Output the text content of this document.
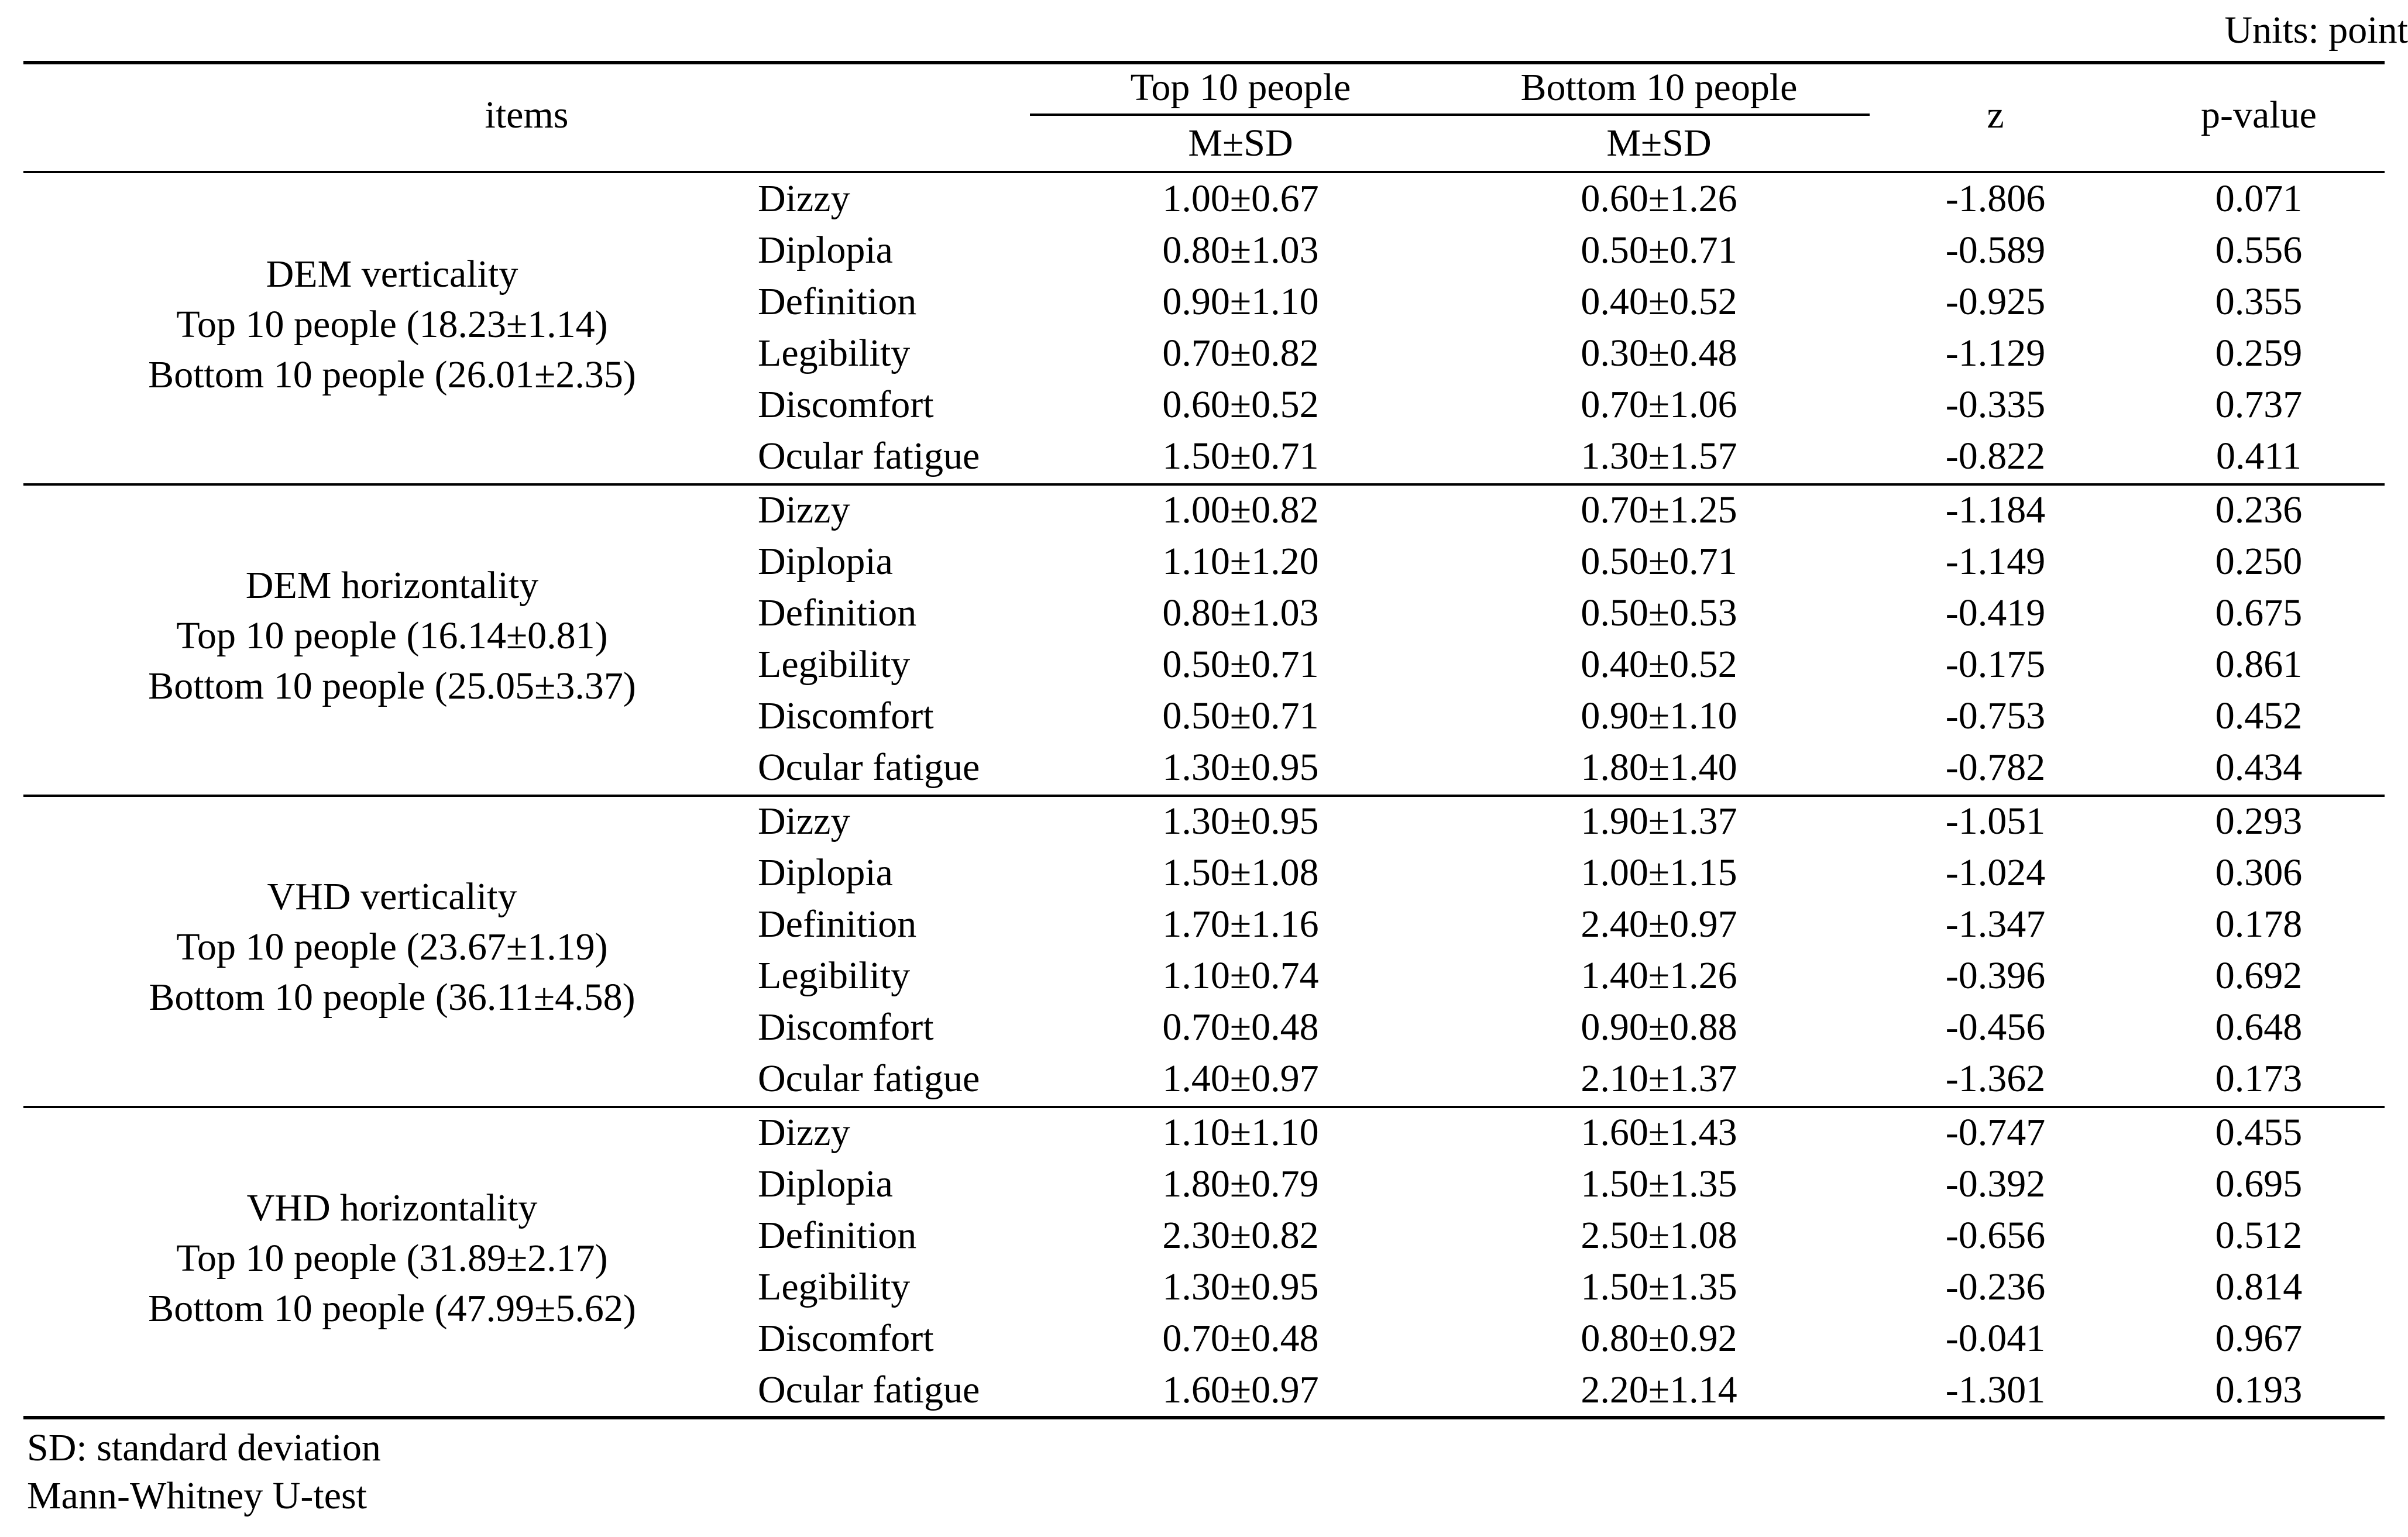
Units: point
items
Top 10 people	Bottom 10 people
M±SD	M±SD
z	p-value
DEM verticality
Top 10 people (18.23±1.14)
Bottom 10 people (26.01±2.35)
Dizzy	1.00±0.67	0.60±1.26	-1.806	0.071
Diplopia	0.80±1.03	0.50±0.71	-0.589	0.556
Definition	0.90±1.10	0.40±0.52	-0.925	0.355
Legibility	0.70±0.82	0.30±0.48	-1.129	0.259
Discomfort	0.60±0.52	0.70±1.06	-0.335	0.737
Ocular fatigue	1.50±0.71	1.30±1.57	-0.822	0.411
DEM horizontality
Top 10 people (16.14±0.81)
Bottom 10 people (25.05±3.37)
Dizzy	1.00±0.82	0.70±1.25	-1.184	0.236
Diplopia	1.10±1.20	0.50±0.71	-1.149	0.250
Definition	0.80±1.03	0.50±0.53	-0.419	0.675
Legibility	0.50±0.71	0.40±0.52	-0.175	0.861
Discomfort	0.50±0.71	0.90±1.10	-0.753	0.452
Ocular fatigue	1.30±0.95	1.80±1.40	-0.782	0.434
VHD verticality
Top 10 people (23.67±1.19)
Bottom 10 people (36.11±4.58)
Dizzy	1.30±0.95	1.90±1.37	-1.051	0.293
Diplopia	1.50±1.08	1.00±1.15	-1.024	0.306
Definition	1.70±1.16	2.40±0.97	-1.347	0.178
Legibility	1.10±0.74	1.40±1.26	-0.396	0.692
Discomfort	0.70±0.48	0.90±0.88	-0.456	0.648
Ocular fatigue	1.40±0.97	2.10±1.37	-1.362	0.173
VHD horizontality
Top 10 people (31.89±2.17)
Bottom 10 people (47.99±5.62)
Dizzy	1.10±1.10	1.60±1.43	-0.747	0.455
Diplopia	1.80±0.79	1.50±1.35	-0.392	0.695
Definition	2.30±0.82	2.50±1.08	-0.656	0.512
Legibility	1.30±0.95	1.50±1.35	-0.236	0.814
Discomfort	0.70±0.48	0.80±0.92	-0.041	0.967
Ocular fatigue	1.60±0.97	2.20±1.14	-1.301	0.193
SD: standard deviation
Mann-Whitney U-test
